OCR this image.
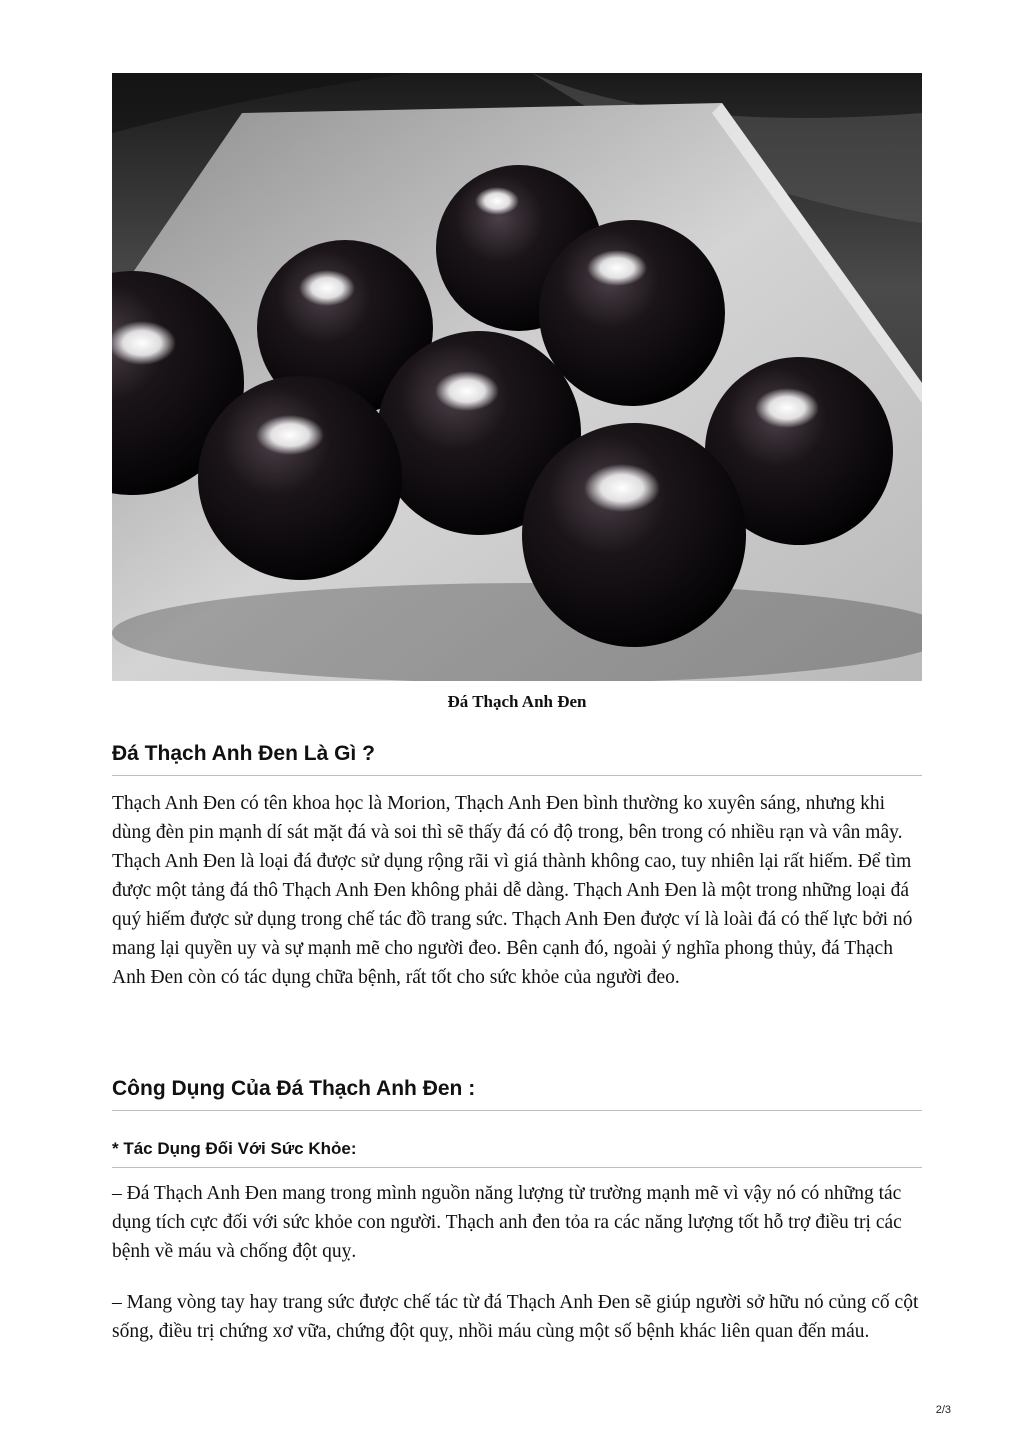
Đá Thạch Anh Đen
Đá Thạch Anh Đen Là Gì ?

Thạch Anh Đen có tên khoa học là Morion, Thạch Anh Đen bình thường ko xuyên sáng, nhưng khi dùng đèn pin mạnh dí sát mặt đá và soi thì sẽ thấy đá có độ trong, bên trong có nhiều rạn và vân mây. Thạch Anh Đen là loại đá được sử dụng rộng rãi vì giá thành không cao, tuy nhiên lại rất hiếm. Để tìm được một tảng đá thô Thạch Anh Đen không phải dễ dàng. Thạch Anh Đen là một trong những loại đá quý hiếm được sử dụng trong chế tác đồ trang sức. Thạch Anh Đen được ví là loài đá có thế lực bởi nó mang lại quyền uy và sự mạnh mẽ cho người đeo. Bên cạnh đó, ngoài ý nghĩa phong thủy, đá Thạch Anh Đen còn có tác dụng chữa bệnh, rất tốt cho sức khỏe của người đeo.

Công Dụng Của Đá Thạch Anh Đen :
* Tác Dụng Đối Với Sức Khỏe:

– Đá Thạch Anh Đen mang trong mình nguồn năng lượng từ trường mạnh mẽ vì vậy nó có những tác dụng tích cực đối với sức khỏe con người. Thạch anh đen tỏa ra các năng lượng tốt hỗ trợ điều trị các bệnh về máu và chống đột quỵ.

– Mang vòng tay hay trang sức được chế tác từ đá Thạch Anh Đen sẽ giúp người sở hữu nó củng cố cột sống, điều trị chứng xơ vữa, chứng đột quỵ, nhồi máu cùng một số bệnh khác liên quan đến máu.

2/3
